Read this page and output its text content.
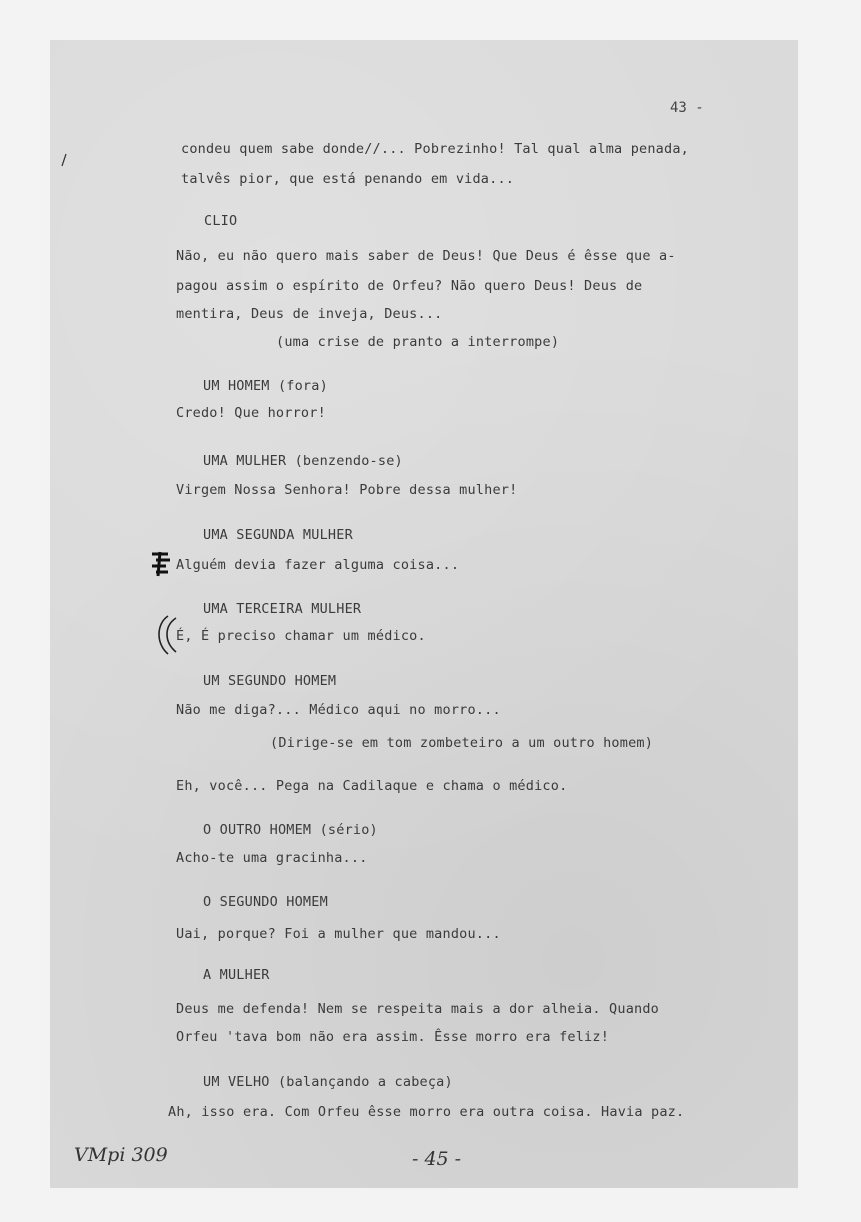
43 -
condeu quem sabe donde//... Pobrezinho! Tal qual alma penada,
talvês pior, que está penando em vida...
CLIO
Não, eu não quero mais saber de Deus! Que Deus é êsse que a-
pagou assim o espírito de Orfeu? Não quero Deus! Deus de
mentira, Deus de inveja, Deus...
(uma crise de pranto a interrompe)
UM HOMEM (fora)
Credo! Que horror!
UMA MULHER (benzendo-se)
Virgem Nossa Senhora! Pobre dessa mulher!
UMA SEGUNDA MULHER
Alguém devia fazer alguma coisa...
UMA TERCEIRA MULHER
É, É preciso chamar um médico.
UM SEGUNDO HOMEM
Não me diga?... Médico aqui no morro...
(Dirige-se em tom zombeteiro a um outro homem)
Eh, você... Pega na Cadilaque e chama o médico.
O OUTRO HOMEM (sério)
Acho-te uma gracinha...
O SEGUNDO HOMEM
Uai, porque? Foi a mulher que mandou...
A MULHER
Deus me defenda! Nem se respeita mais a dor alheia. Quando
Orfeu 'tava bom não era assim. Êsse morro era feliz!
UM VELHO (balançando a cabeça)
Ah, isso era. Com Orfeu êsse morro era outra coisa. Havia paz.
VMpi 309	- 45 -
